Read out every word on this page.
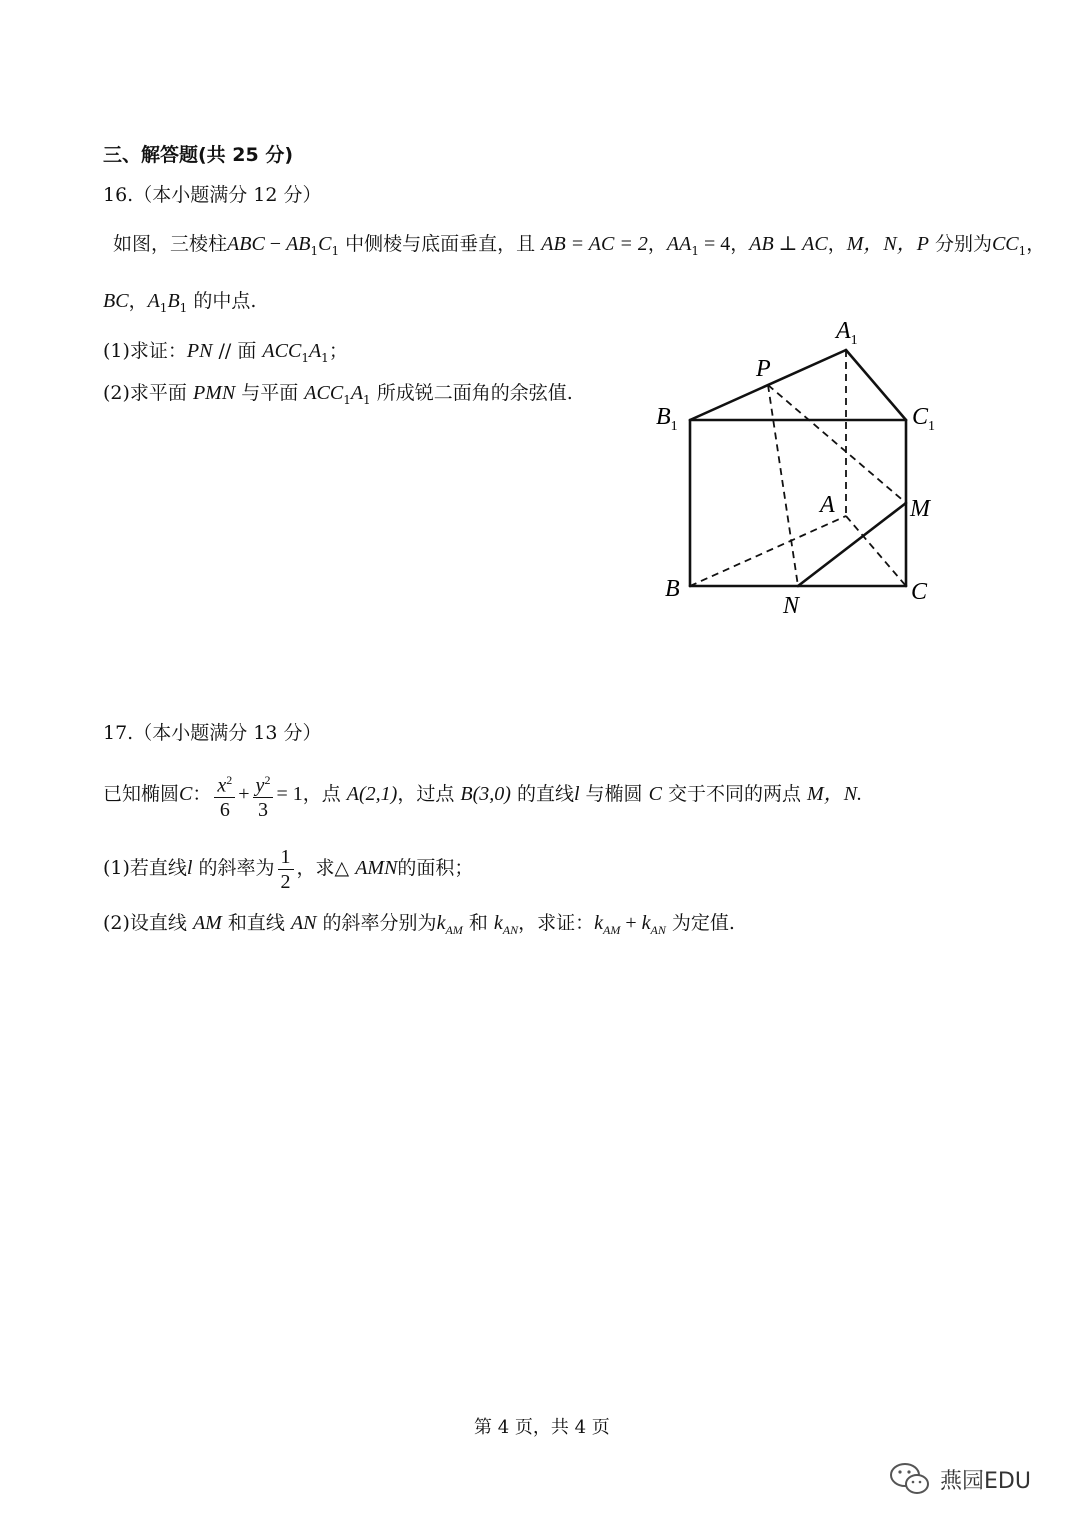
三、解答题(共 25 分)
16.（本小题满分 12 分）
如图，三棱柱ABC − $AB_1C_1$ 中侧棱与底面垂直，且 AB = AC = 2，$AA_1 = 4$，AB ⊥ AC，M，N，P 分别为$CC_1$，
BC，$A_1B_1$ 的中点.
(1)求证：PN // 面 $ACC_1A_1$；
(2)求平面 PMN 与平面 $ACC_1A_1$ 所成锐二面角的余弦值.
$A_1$
P
$B_1$	$C_1$
A	M
B
N
C
17.（本小题满分 13 分）
已知椭圆C： $\frac{x^2}{6} + \frac{y^2}{3} = 1$，点 A(2,1)，过点 B(3,0) 的直线l 与椭圆 C 交于不同的两点 M，N.
(1)若直线l 的斜率为 $\frac{1}{2}$ ，求△ AMN的面积；
(2)设直线 AM 和直线 AN 的斜率分别为$k_{AM}$ 和 $k_{AN}$，求证：$k_{AM} + k_{AN}$ 为定值.
第 4 页，共 4 页
燕园EDU
